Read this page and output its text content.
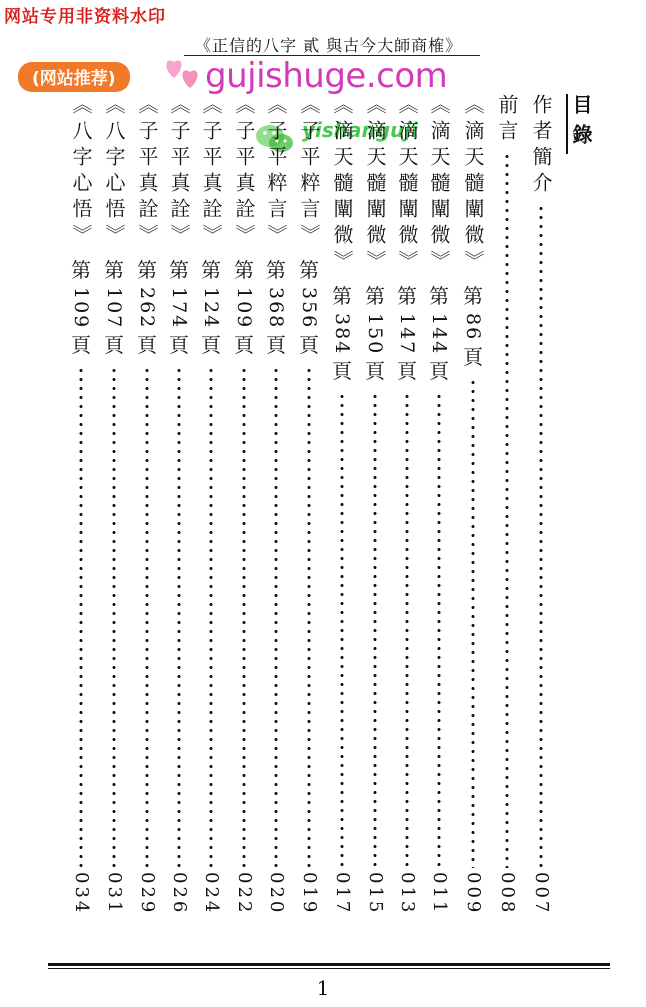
网站专用非资料水印
《正信的八字 貳 與古今大師商榷》
(网站推荐)	gujishuge.com
yishanguji	目錄
作者簡介
007
前言
008
《滴天髓闡微》
第
86
頁
009
《滴天髓闡微》
第
144
頁
011
《滴天髓闡微》
第
147
頁
013
《滴天髓闡微》
第
150
頁
015
《滴天髓闡微》
第
384
頁
017
《子平粹言》
第
356
頁
019
《子平粹言》
第
368
頁
020
《子平真詮》
第
109
頁
022
《子平真詮》
第
124
頁
024
《子平真詮》
第
174
頁
026
《子平真詮》
第
262
頁
029
《八字心悟》
第
107
頁
031
《八字心悟》
第
109
頁
034
1
